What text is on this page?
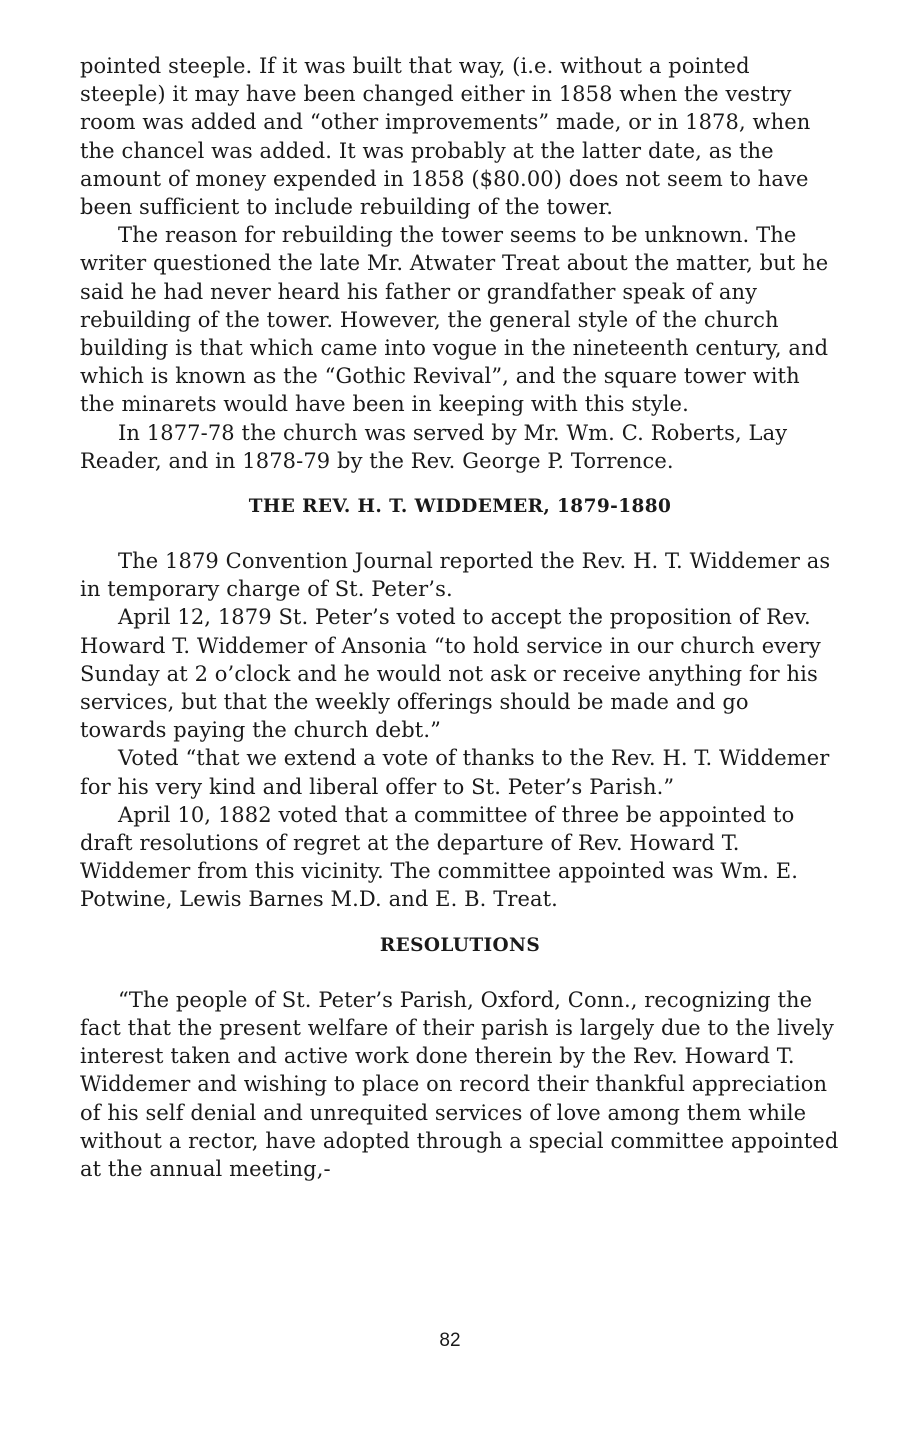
pointed steeple. If it was built that way, (i.e. without a pointed steeple) it may have been changed either in 1858 when the vestry room was added and “other improvements” made, or in 1878, when the chancel was added. It was probably at the latter date, as the amount of money expended in 1858 ($80.00) does not seem to have been sufficient to include rebuilding of the tower.

The reason for rebuilding the tower seems to be unknown. The writer questioned the late Mr. Atwater Treat about the matter, but he said he had never heard his father or grandfather speak of any rebuilding of the tower. However, the general style of the church building is that which came into vogue in the nineteenth century, and which is known as the “Gothic Revival”, and the square tower with the minarets would have been in keeping with this style.

In 1877-78 the church was served by Mr. Wm. C. Roberts, Lay Reader, and in 1878-79 by the Rev. George P. Torrence.

THE REV. H. T. WIDDEMER, 1879-1880

The 1879 Convention Journal reported the Rev. H. T. Widdemer as in temporary charge of St. Peter’s.

April 12, 1879 St. Peter’s voted to accept the proposition of Rev. Howard T. Widdemer of Ansonia “to hold service in our church every Sunday at 2 o’clock and he would not ask or receive anything for his services, but that the weekly offerings should be made and go towards paying the church debt.”

Voted “that we extend a vote of thanks to the Rev. H. T. Widdemer for his very kind and liberal offer to St. Peter’s Parish.”

April 10, 1882 voted that a committee of three be appointed to draft resolutions of regret at the departure of Rev. Howard T. Widdemer from this vicinity. The committee appointed was Wm. E. Potwine, Lewis Barnes M.D. and E. B. Treat.

RESOLUTIONS

“The people of St. Peter’s Parish, Oxford, Conn., recognizing the fact that the present welfare of their parish is largely due to the lively interest taken and active work done therein by the Rev. Howard T. Widdemer and wishing to place on record their thankful appreciation of his self denial and unrequited services of love among them while without a rector, have adopted through a special committee appointed at the annual meeting,-

82
